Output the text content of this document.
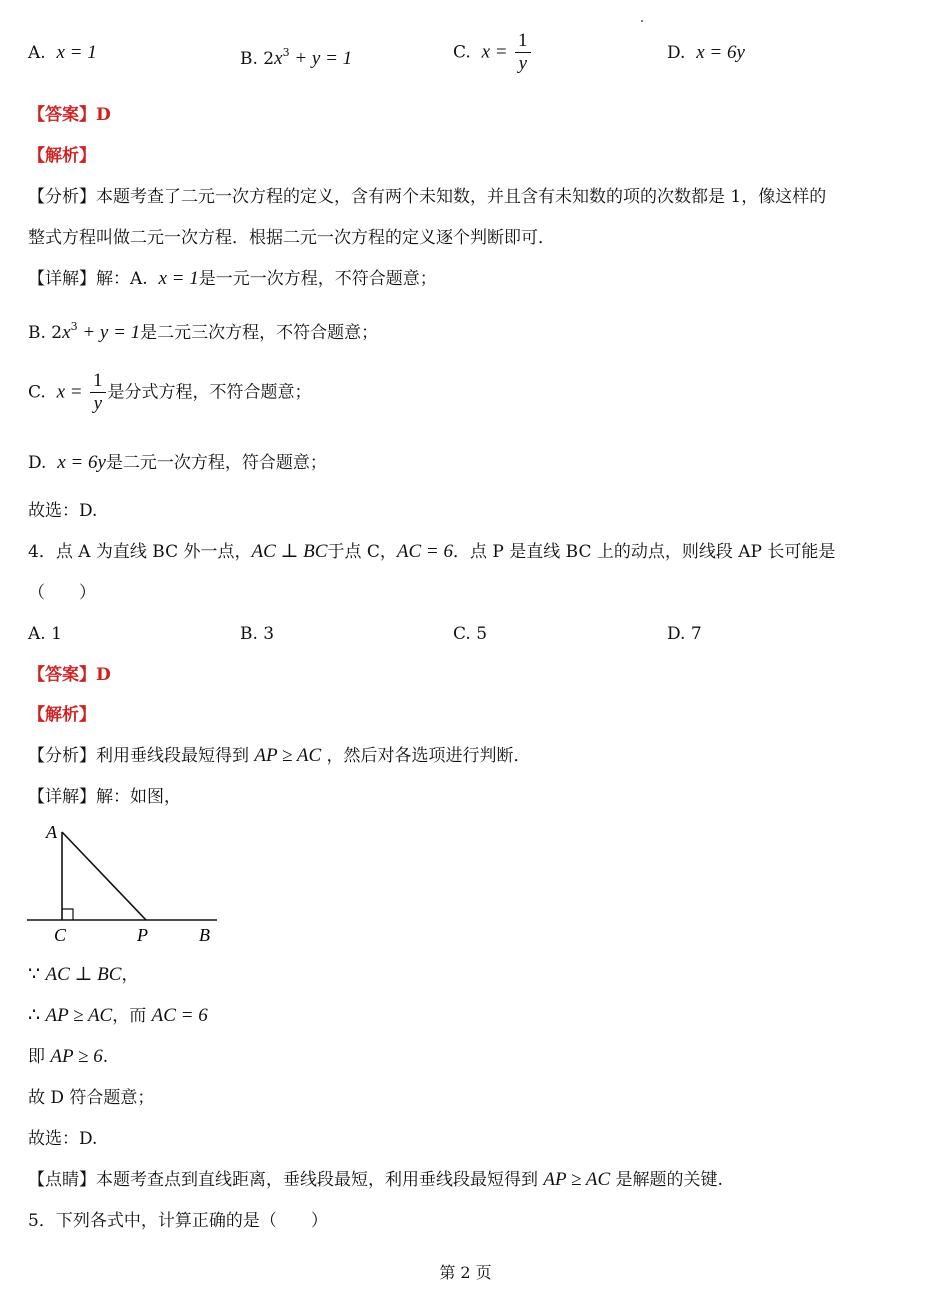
A. x = 1	B. $2x^3 + y = 1$	C. $x = \frac{1}{y}$	D. x = 6y
【答案】D
【解析】
【分析】本题考查了二元一次方程的定义，含有两个未知数，并且含有未知数的项的次数都是 1，像这样的
整式方程叫做二元一次方程．根据二元一次方程的定义逐个判断即可．
【详解】解：A. x = 1是一元一次方程，不符合题意；
B. $2x^3 + y = 1$是二元三次方程，不符合题意；
C. $x = \frac{1}{y}$ 是分式方程，不符合题意；
D. x = 6y是二元一次方程，符合题意；
故选：D.
4．点 A 为直线 BC 外一点，AC ⊥ BC于点 C，AC = 6．点 P 是直线 BC 上的动点，则线段 AP 长可能是
（　　）
A. 1	B. 3	C. 5	D. 7
【答案】D
【解析】
【分析】利用垂线段最短得到 AP ≥ AC ，然后对各选项进行判断．
【详解】解：如图，
A
C	P	B
∵ AC ⊥ BC，
∴ AP ≥ AC，而 AC = 6
即 AP ≥ 6.
故 D 符合题意；
故选：D.
【点睛】本题考查点到直线距离，垂线段最短，利用垂线段最短得到 AP ≥ AC 是解题的关键.
5．下列各式中，计算正确的是（　　）
第 2 页
